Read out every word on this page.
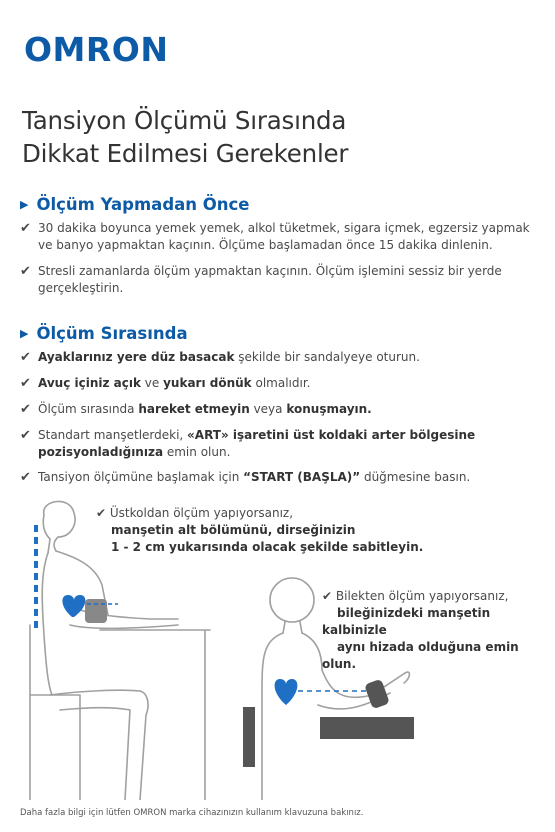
OMRON
Tansiyon Ölçümü Sırasında
Dikkat Edilmesi Gerekenler
▶ Ölçüm Yapmadan Önce
✔ 30 dakika boyunca yemek yemek, alkol tüketmek, sigara içmek, egzersiz yapmak
ve banyo yapmaktan kaçının. Ölçüme başlamadan önce 15 dakika dinlenin.
✔ Stresli zamanlarda ölçüm yapmaktan kaçının. Ölçüm işlemini sessiz bir yerde
gerçekleştirin.
▶ Ölçüm Sırasında
✔ Ayaklarınız yere düz basacak şekilde bir sandalyeye oturun.
✔ Avuç içiniz açık ve yukarı dönük olmalıdır.
✔ Ölçüm sırasında hareket etmeyin veya konuşmayın.
✔ Standart manşetlerdeki, «ART» işaretini üst koldaki arter bölgesine
pozisyonladığınıza emin olun.
✔ Tansiyon ölçümüne başlamak için “START (BAŞLA)” düğmesine basın.
✔ Üstkoldan ölçüm yapıyorsanız,
manşetin alt bölümünü, dirseğinizin
1 - 2 cm yukarısında olacak şekilde sabitleyin.
✔ Bilekten ölçüm yapıyorsanız,
bileğinizdeki manşetin kalbinizle
aynı hizada olduğuna emin olun.
Daha fazla bilgi için lütfen OMRON marka cihazınızın kullanım klavuzuna bakınız.
